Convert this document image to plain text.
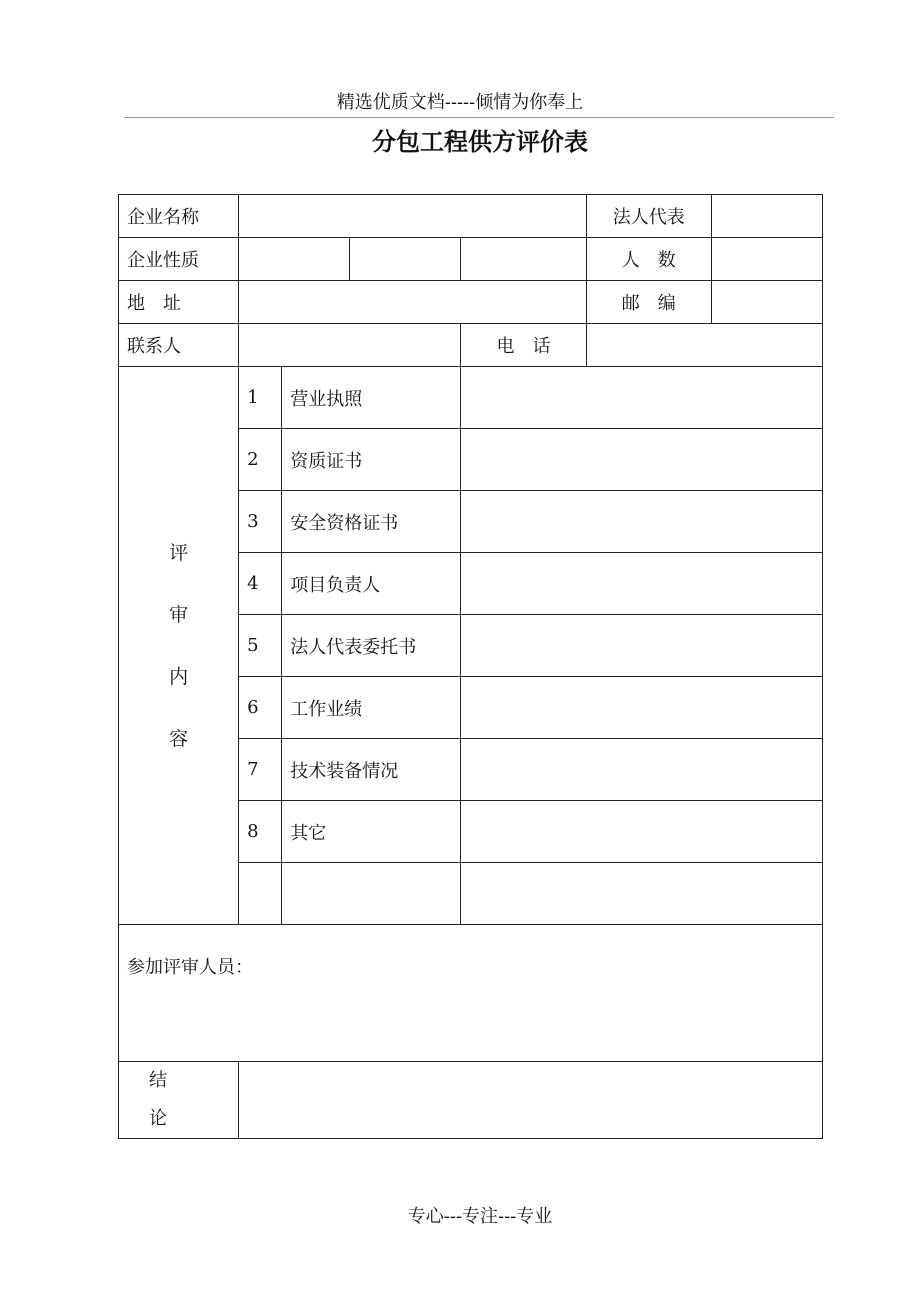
精选优质文档-----倾情为你奉上
分包工程供方评价表
企业名称					法人代表	
企业性质					人　数	
地　址					邮　编	
联系人				电　话		
评
审
内
容	1	营业执照				
	2	资质证书				
	3	安全资格证书				
	4	项目负责人				
	5	法人代表委托书				
	6	工作业绩				
	7	技术装备情况				
	8	其它				

参加评审人员：						
结
论						
专心---专注---专业
